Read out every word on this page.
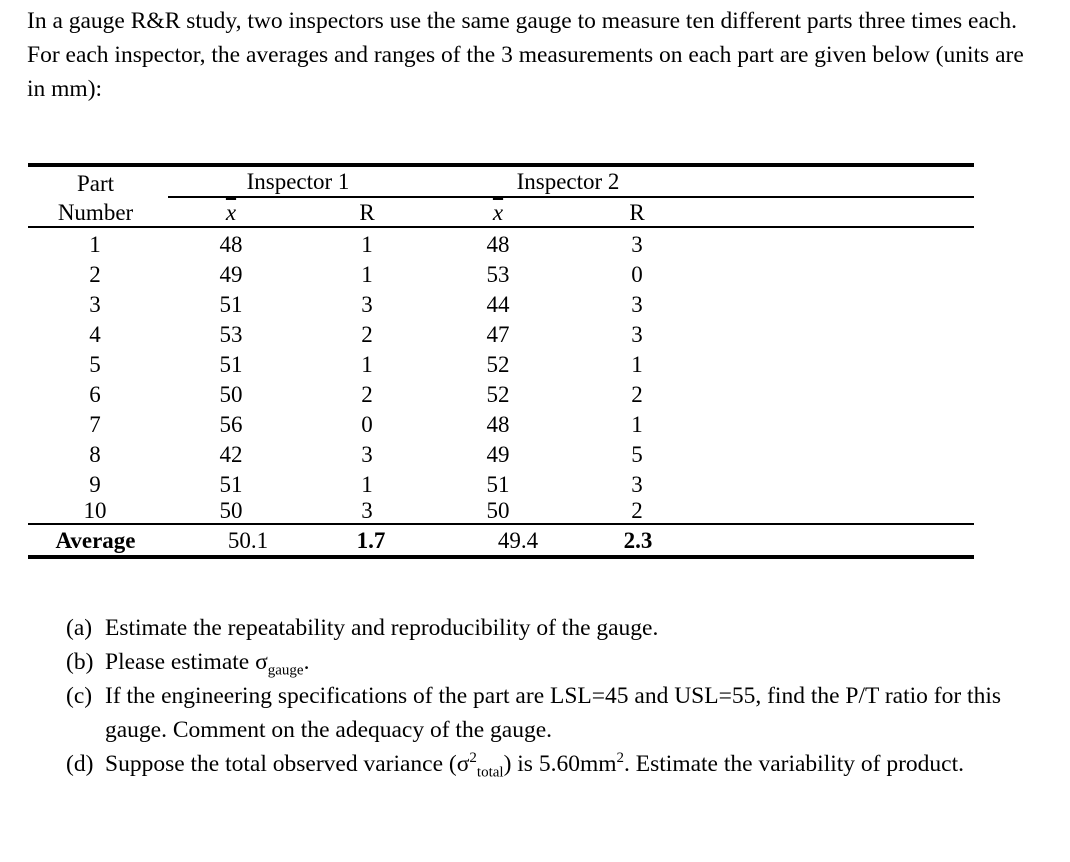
In a gauge R&R study, two inspectors use the same gauge to measure ten different parts three times each. For each inspector, the averages and ranges of the 3 measurements on each part are given below (units are in mm):

Part
Number
Inspector 1	Inspector 2
$\overline{x}$	R	$\overline{x}$	R
1	48	1	48	3
2	49	1	53	0
3	51	3	44	3
4	53	2	47	3
5	51	1	52	1
6	50	2	52	2
7	56	0	48	1
8	42	3	49	5
9	51	1	51	3
10	50	3	50	2
Average	50.1	1.7	49.4	2.3
(a) Estimate the repeatability and reproducibility of the gauge.
(b) Please estimate $\sigma_{gauge}$.
(c) If the engineering specifications of the part are LSL=45 and USL=55, find the P/T ratio for this gauge. Comment on the adequacy of the gauge.
(d) Suppose the total observed variance $(\sigma^2_{total})$ is $5.60mm^2$. Estimate the variability of product.
